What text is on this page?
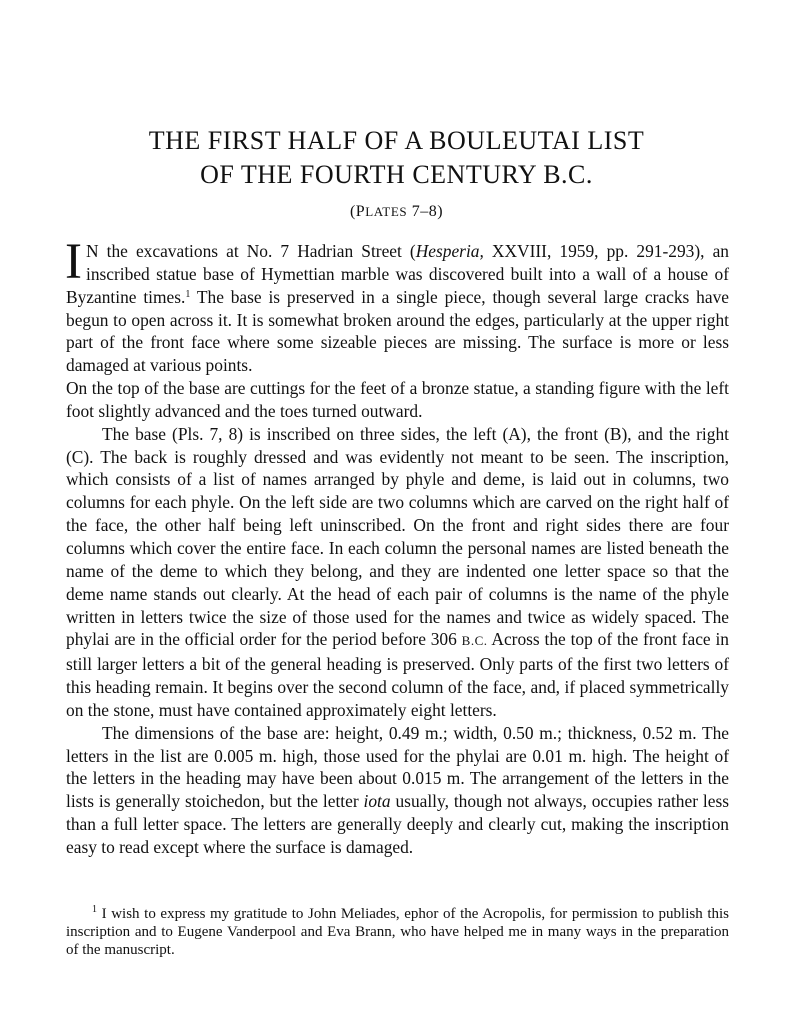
THE FIRST HALF OF A BOULEUTAI LIST
OF THE FOURTH CENTURY B.C.
(PLATES 7–8)

I N the excavations at No. 7 Hadrian Street (Hesperia, XXVIII, 1959, pp. 291-293), an inscribed statue base of Hymettian marble was discovered built into a wall of a house of Byzantine times.$^1$ The base is preserved in a single piece, though several large cracks have begun to open across it. It is somewhat broken around the edges, particularly at the upper right part of the front face where some sizeable pieces are missing. The surface is more or less damaged at various points.

On the top of the base are cuttings for the feet of a bronze statue, a standing figure with the left foot slightly advanced and the toes turned outward.

The base (Pls. 7, 8) is inscribed on three sides, the left (A), the front (B), and the right (C). The back is roughly dressed and was evidently not meant to be seen. The inscription, which consists of a list of names arranged by phyle and deme, is laid out in columns, two columns for each phyle. On the left side are two columns which are carved on the right half of the face, the other half being left uninscribed. On the front and right sides there are four columns which cover the entire face. In each column the personal names are listed beneath the name of the deme to which they belong, and they are indented one letter space so that the deme name stands out clearly. At the head of each pair of columns is the name of the phyle written in letters twice the size of those used for the names and twice as widely spaced. The phylai are in the official order for the period before 306 B.C. Across the top of the front face in still larger letters a bit of the general heading is preserved. Only parts of the first two letters of this heading remain. It begins over the second column of the face, and, if placed symmetrically on the stone, must have contained approximately eight letters.

The dimensions of the base are: height, 0.49 m.; width, 0.50 m.; thickness, 0.52 m. The letters in the list are 0.005 m. high, those used for the phylai are 0.01 m. high. The height of the letters in the heading may have been about 0.015 m. The arrangement of the letters in the lists is generally stoichedon, but the letter iota usually, though not always, occupies rather less than a full letter space. The letters are generally deeply and clearly cut, making the inscription easy to read except where the surface is damaged.

$^1$ I wish to express my gratitude to John Meliades, ephor of the Acropolis, for permission to publish this inscription and to Eugene Vanderpool and Eva Brann, who have helped me in many ways in the preparation of the manuscript.
